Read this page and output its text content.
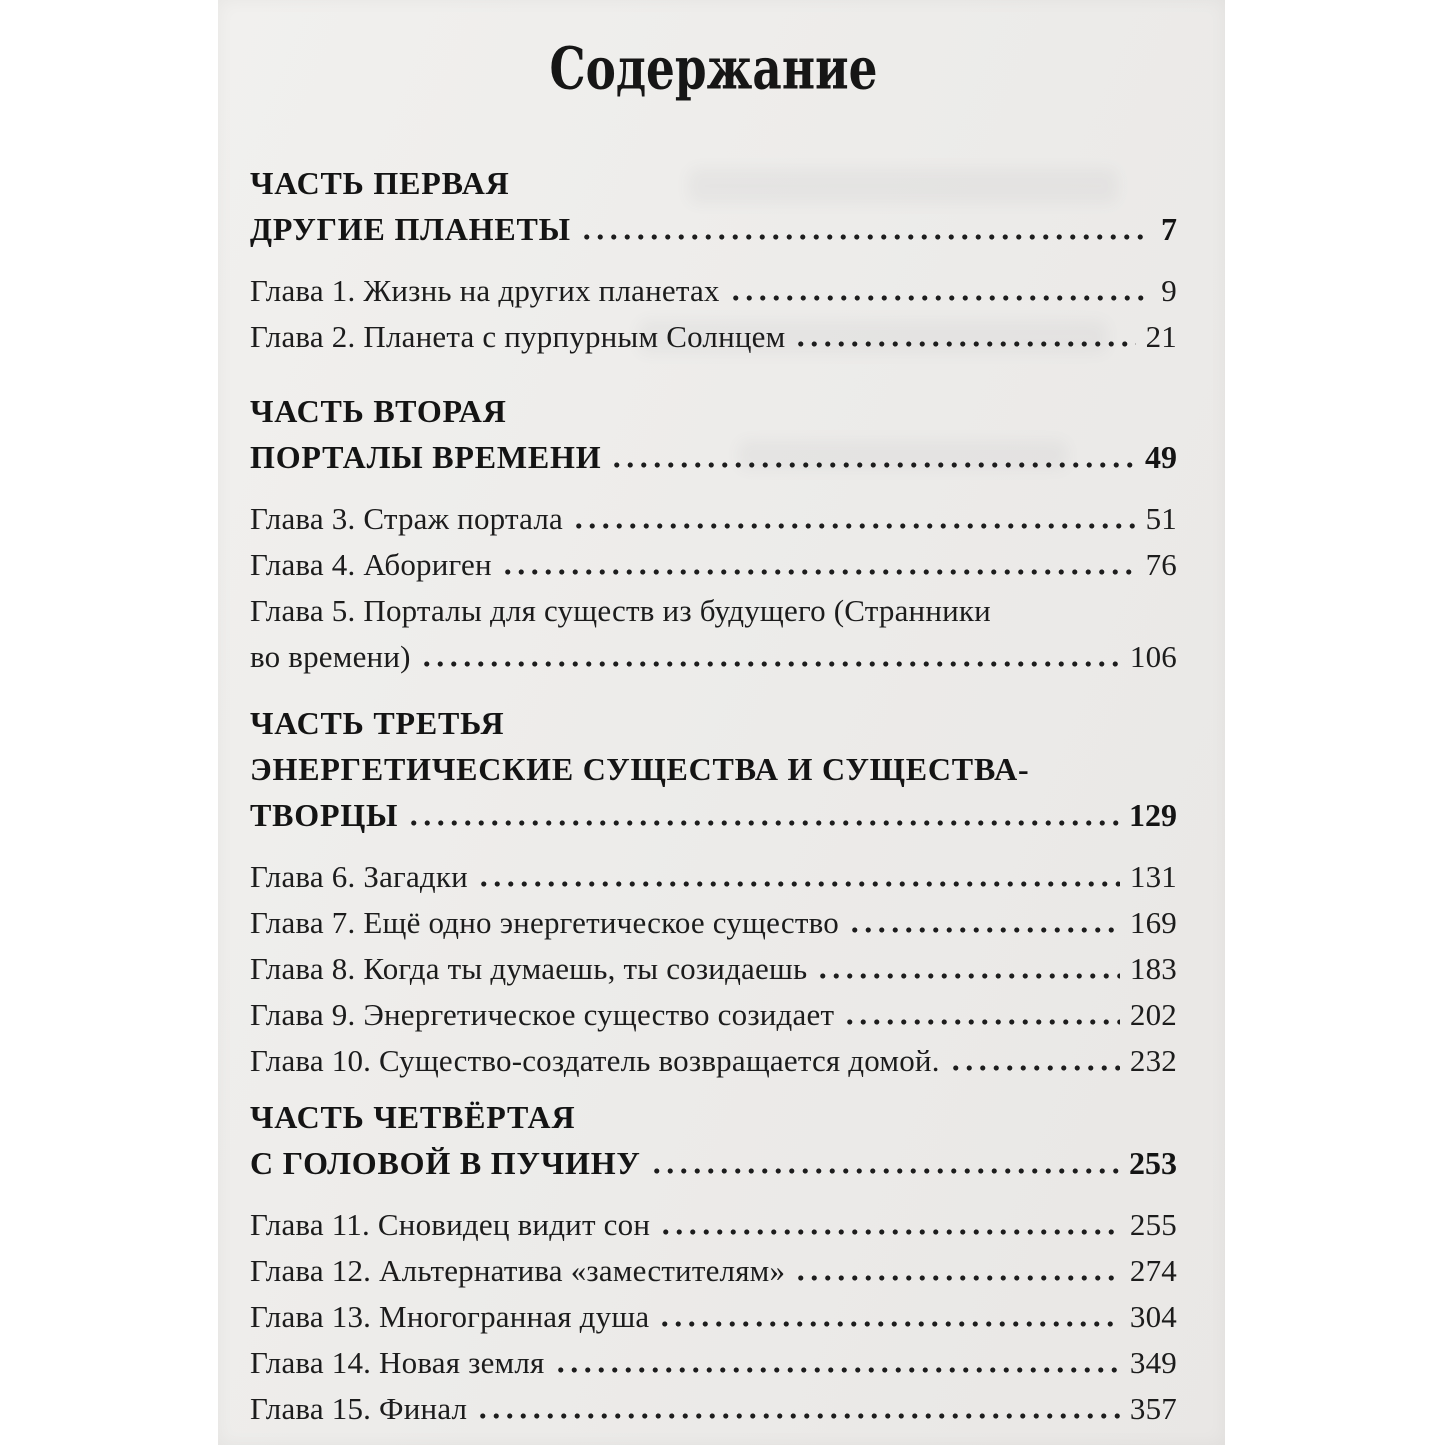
Содержание
ЧАСТЬ ПЕРВАЯ
ДРУГИЕ ПЛАНЕТЫ	7
Глава 1. Жизнь на других планетах	9
Глава 2. Планета с пурпурным Солнцем	21
ЧАСТЬ ВТОРАЯ
ПОРТАЛЫ ВРЕМЕНИ	49
Глава 3. Страж портала	51
Глава 4. Абориген	76
Глава 5. Порталы для существ из будущего (Странники
во времени)	106
ЧАСТЬ ТРЕТЬЯ
ЭНЕРГЕТИЧЕСКИЕ СУЩЕСТВА И СУЩЕСТВА-
ТВОРЦЫ	129
Глава 6. Загадки	131
Глава 7. Ещё одно энергетическое существо	169
Глава 8. Когда ты думаешь, ты созидаешь	183
Глава 9. Энергетическое существо созидает	202
Глава 10. Существо-создатель возвращается домой.	232
ЧАСТЬ ЧЕТВЁРТАЯ
С ГОЛОВОЙ В ПУЧИНУ	253
Глава 11. Сновидец видит сон	255
Глава 12. Альтернатива «заместителям»	274
Глава 13. Многогранная душа	304
Глава 14. Новая земля	349
Глава 15. Финал	357
